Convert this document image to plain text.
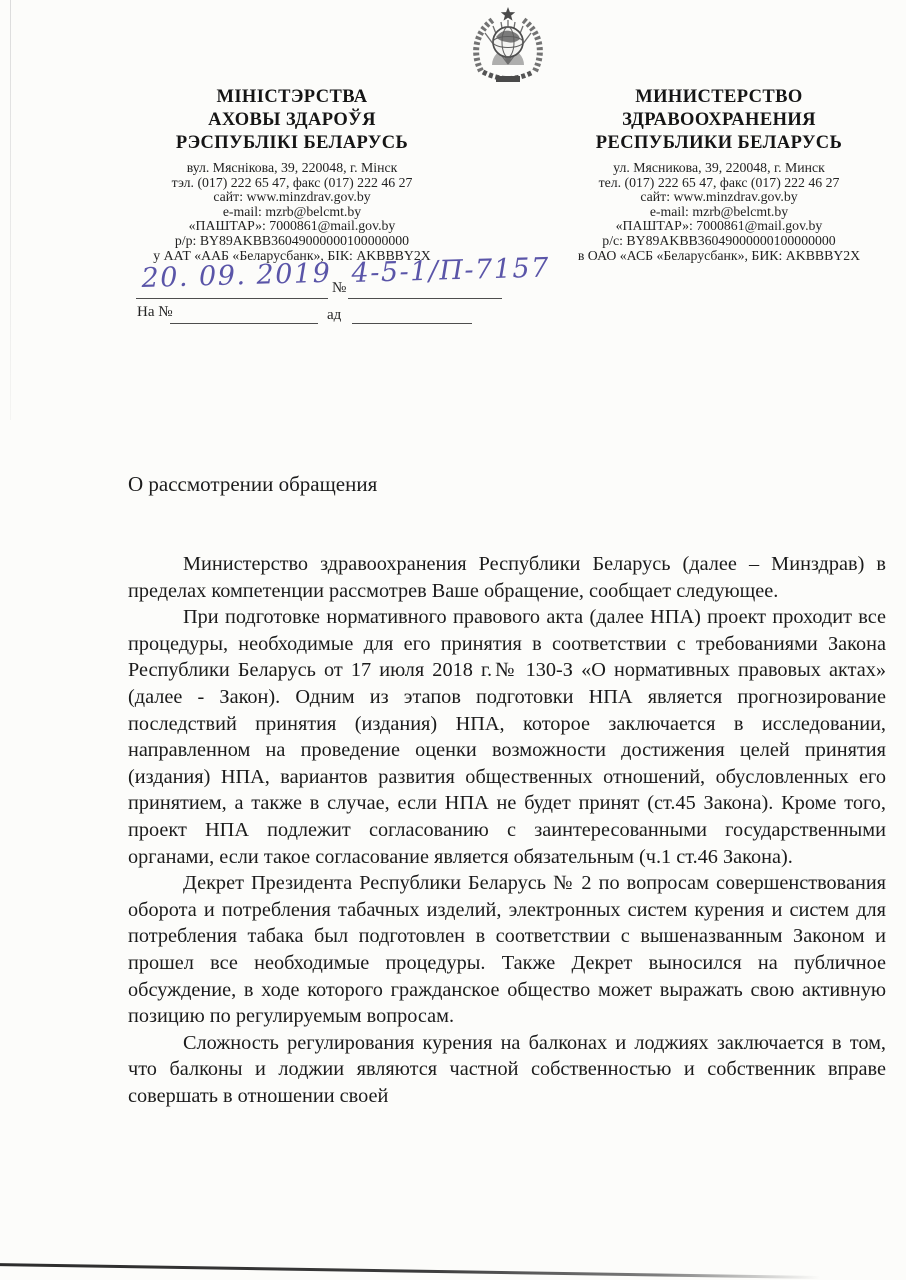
МІНІСТЭРСТВА
АХОВЫ ЗДАРОЎЯ
РЭСПУБЛІКІ БЕЛАРУСЬ
МИНИСТЕРСТВО
ЗДРАВООХРАНЕНИЯ
РЕСПУБЛИКИ БЕЛАРУСЬ
вул. Мяснікова, 39, 220048, г. Мінск
тэл. (017) 222 65 47, факс (017) 222 46 27
сайт: www.minzdrav.gov.by
e-mail: mzrb@belcmt.by
«ПАШТАР»: 7000861@mail.gov.by
р/р: BY89AKBB36049000000100000000
у ААТ «ААБ «Беларусбанк», БІК: AKBBBY2X
ул. Мясникова, 39, 220048, г. Минск
тел. (017) 222 65 47, факс (017) 222 46 27
сайт: www.minzdrav.gov.by
e-mail: mzrb@belcmt.by
«ПАШТАР»: 7000861@mail.gov.by
р/с: BY89AKBB36049000000100000000
в ОАО «АСБ «Беларусбанк», БИК: AKBBBY2X
20. 09. 2019 4-5-1/П-7157
№
На №	ад
О рассмотрении обращения

Министерство здравоохранения Республики Беларусь (далее – Минздрав) в пределах компетенции рассмотрев Ваше обращение, сообщает следующее.

При подготовке нормативного правового акта (далее НПА) проект проходит все процедуры, необходимые для его принятия в соответствии с требованиями Закона Республики Беларусь от 17 июля 2018 г.№ 130-З «О нормативных правовых актах» (далее - Закон). Одним из этапов подготовки НПА является прогнозирование последствий принятия (издания) НПА, которое заключается в исследовании, направленном на проведение оценки возможности достижения целей принятия (издания) НПА, вариантов развития общественных отношений, обусловленных его принятием, а также в случае, если НПА не будет принят (ст.45 Закона). Кроме того, проект НПА подлежит согласованию с заинтересованными государственными органами, если такое согласование является обязательным (ч.1 ст.46 Закона).

Декрет Президента Республики Беларусь № 2 по вопросам совершенствования оборота и потребления табачных изделий, электронных систем курения и систем для потребления табака был подготовлен в соответствии с вышеназванным Законом и прошел все необходимые процедуры. Также Декрет выносился на публичное обсуждение, в ходе которого гражданское общество может выражать свою активную позицию по регулируемым вопросам.

Сложность регулирования курения на балконах и лоджиях заключается в том, что балконы и лоджии являются частной собственностью и собственник вправе совершать в отношении своей
